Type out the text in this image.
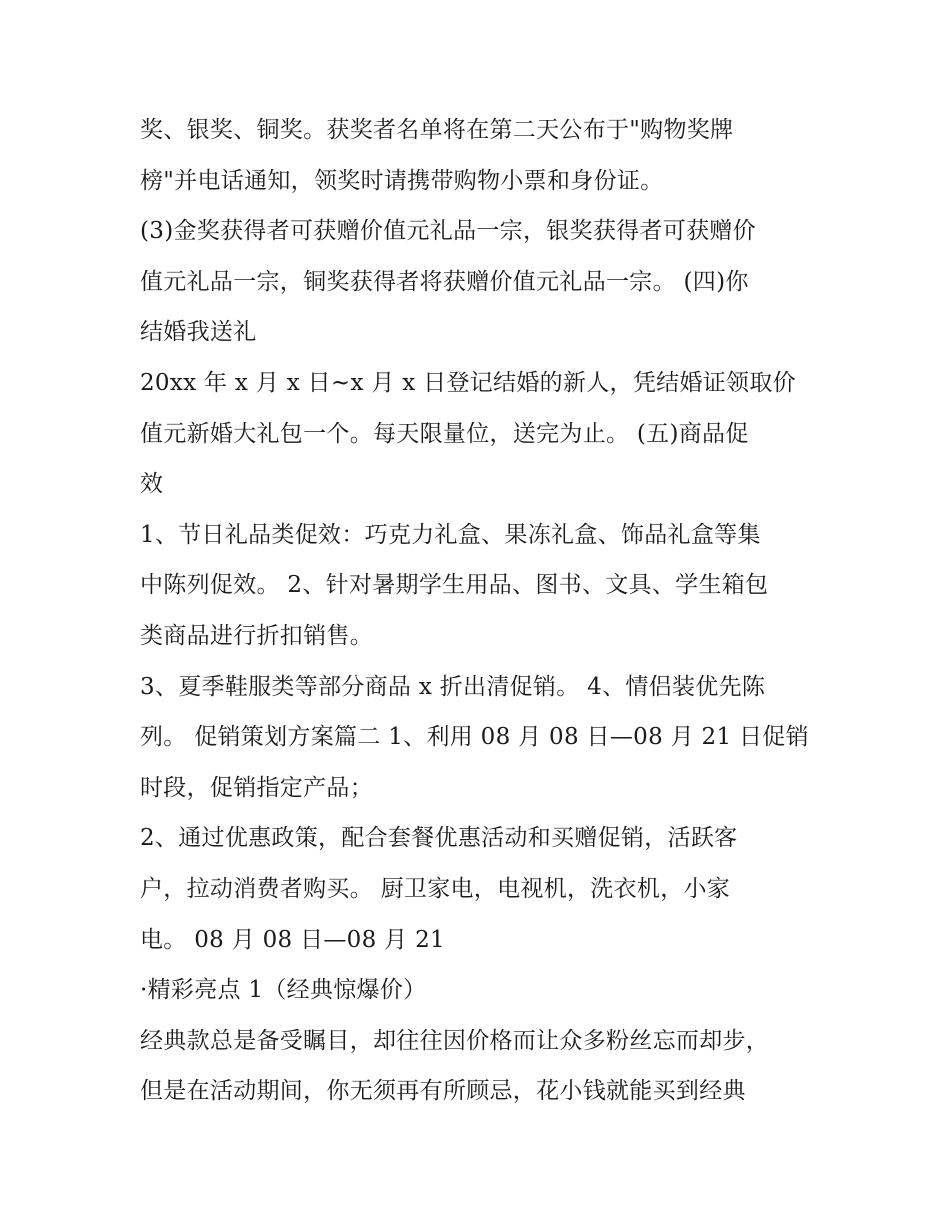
奖、银奖、铜奖。获奖者名单将在第二天公布于"购物奖牌
榜"并电话通知，领奖时请携带购物小票和身份证。
(3)金奖获得者可获赠价值元礼品一宗，银奖获得者可获赠价
值元礼品一宗，铜奖获得者将获赠价值元礼品一宗。 (四)你
结婚我送礼
20xx 年 x 月 x 日~x 月 x 日登记结婚的新人，凭结婚证领取价
值元新婚大礼包一个。每天限量位，送完为止。 (五)商品促
效
1、节日礼品类促效：巧克力礼盒、果冻礼盒、饰品礼盒等集
中陈列促效。 2、针对暑期学生用品、图书、文具、学生箱包
类商品进行折扣销售。
3、夏季鞋服类等部分商品 x 折出清促销。 4、情侣装优先陈
列。 促销策划方案篇二 1、利用 08 月 08 日—08 月 21 日促销
时段，促销指定产品；
2、通过优惠政策，配合套餐优惠活动和买赠促销，活跃客
户，拉动消费者购买。 厨卫家电，电视机，洗衣机，小家
电。 08 月 08 日—08 月 21
·精彩亮点 1（经典惊爆价）
经典款总是备受瞩目，却往往因价格而让众多粉丝忘而却步，
但是在活动期间，你无须再有所顾忌，花小钱就能买到经典
